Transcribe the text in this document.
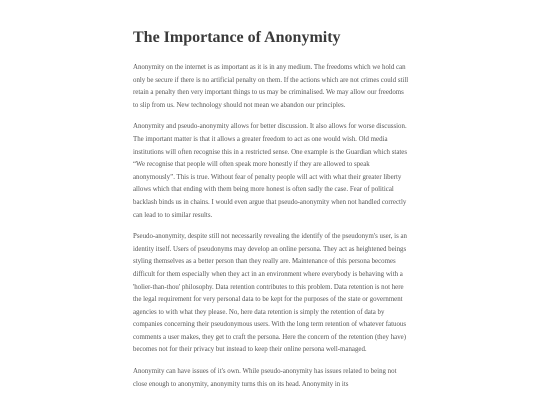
The Importance of Anonymity

Anonymity on the internet is as important as it is in any medium. The freedoms which we hold can only be secure if there is no artificial penalty on them. If the actions which are not crimes could still retain a penalty then very important things to us may be criminalised. We may allow our freedoms to slip from us. New technology should not mean we abandon our principles.

Anonymity and pseudo-anonymity allows for better discussion. It also allows for worse discussion. The important matter is that it allows a greater freedom to act as one would wish. Old media institutions will often recognise this in a restricted sense. One example is the Guardian which states “We recognise that people will often speak more honestly if they are allowed to speak anonymously”. This is true. Without fear of penalty people will act with what their greater liberty allows which that ending with them being more honest is often sadly the case. Fear of political backlash binds us in chains. I would even argue that pseudo-anonymity when not handled correctly can lead to to similar results.

Pseudo-anonymity, despite still not necessarily revealing the identify of the pseudonym's user, is an identity itself. Users of pseudonyms may develop an online persona. They act as heightened beings styling themselves as a better person than they really are. Maintenance of this persona becomes difficult for them especially when they act in an environment where everybody is behaving with a 'holier-than-thou' philosophy. Data retention contributes to this problem. Data retention is not here the legal requirement for very personal data to be kept for the purposes of the state or government agencies to with what they please. No, here data retention is simply the retention of data by companies concerning their pseudonymous users. With the long term retention of whatever fatuous comments a user makes, they get to craft the persona. Here the concern of the retention (they have) becomes not for their privacy but instead to keep their online persona well-managed.

Anonymity can have issues of it's own. While pseudo-anonymity has issues related to being not close enough to anonymity, anonymity turns this on its head. Anonymity in its
